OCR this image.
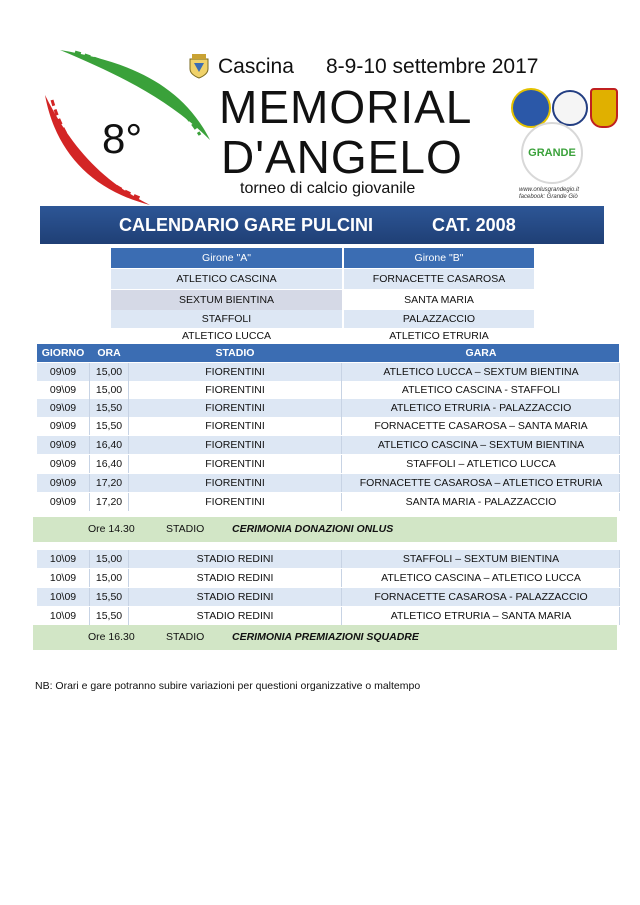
Cascina 8-9-10 settembre 2017
8°
MEMORIAL
D'ANGELO
torneo di calcio giovanile
GRANDE
www.onlusgrandegio.it
facebook: Grande Giò
CALENDARIO GARE PULCINI	CAT. 2008
Girone "A"	Girone "B"
ATLETICO CASCINA	FORNACETTE CASAROSA
SEXTUM BIENTINA	SANTA MARIA
STAFFOLI	PALAZZACCIO
ATLETICO LUCCA	ATLETICO ETRURIA
GIORNO	ORA	STADIO	GARA
09\09	15,00	FIORENTINI	ATLETICO LUCCA – SEXTUM BIENTINA
09\09	15,00	FIORENTINI	ATLETICO CASCINA - STAFFOLI
09\09	15,50	FIORENTINI	ATLETICO ETRURIA - PALAZZACCIO
09\09	15,50	FIORENTINI	FORNACETTE CASAROSA – SANTA MARIA
09\09	16,40	FIORENTINI	ATLETICO CASCINA – SEXTUM BIENTINA
09\09	16,40	FIORENTINI	STAFFOLI – ATLETICO LUCCA
09\09	17,20	FIORENTINI	FORNACETTE CASAROSA – ATLETICO ETRURIA
09\09	17,20	FIORENTINI	SANTA MARIA - PALAZZACCIO
Ore 14.30	STADIO	CERIMONIA DONAZIONI ONLUS
10\09	15,00	STADIO REDINI	STAFFOLI – SEXTUM BIENTINA
10\09	15,00	STADIO REDINI	ATLETICO CASCINA – ATLETICO LUCCA
10\09	15,50	STADIO REDINI	FORNACETTE CASAROSA - PALAZZACCIO
10\09	15,50	STADIO REDINI	ATLETICO ETRURIA – SANTA MARIA
Ore 16.30	STADIO	CERIMONIA PREMIAZIONI SQUADRE
NB: Orari e gare potranno subire variazioni per questioni organizzative o maltempo
